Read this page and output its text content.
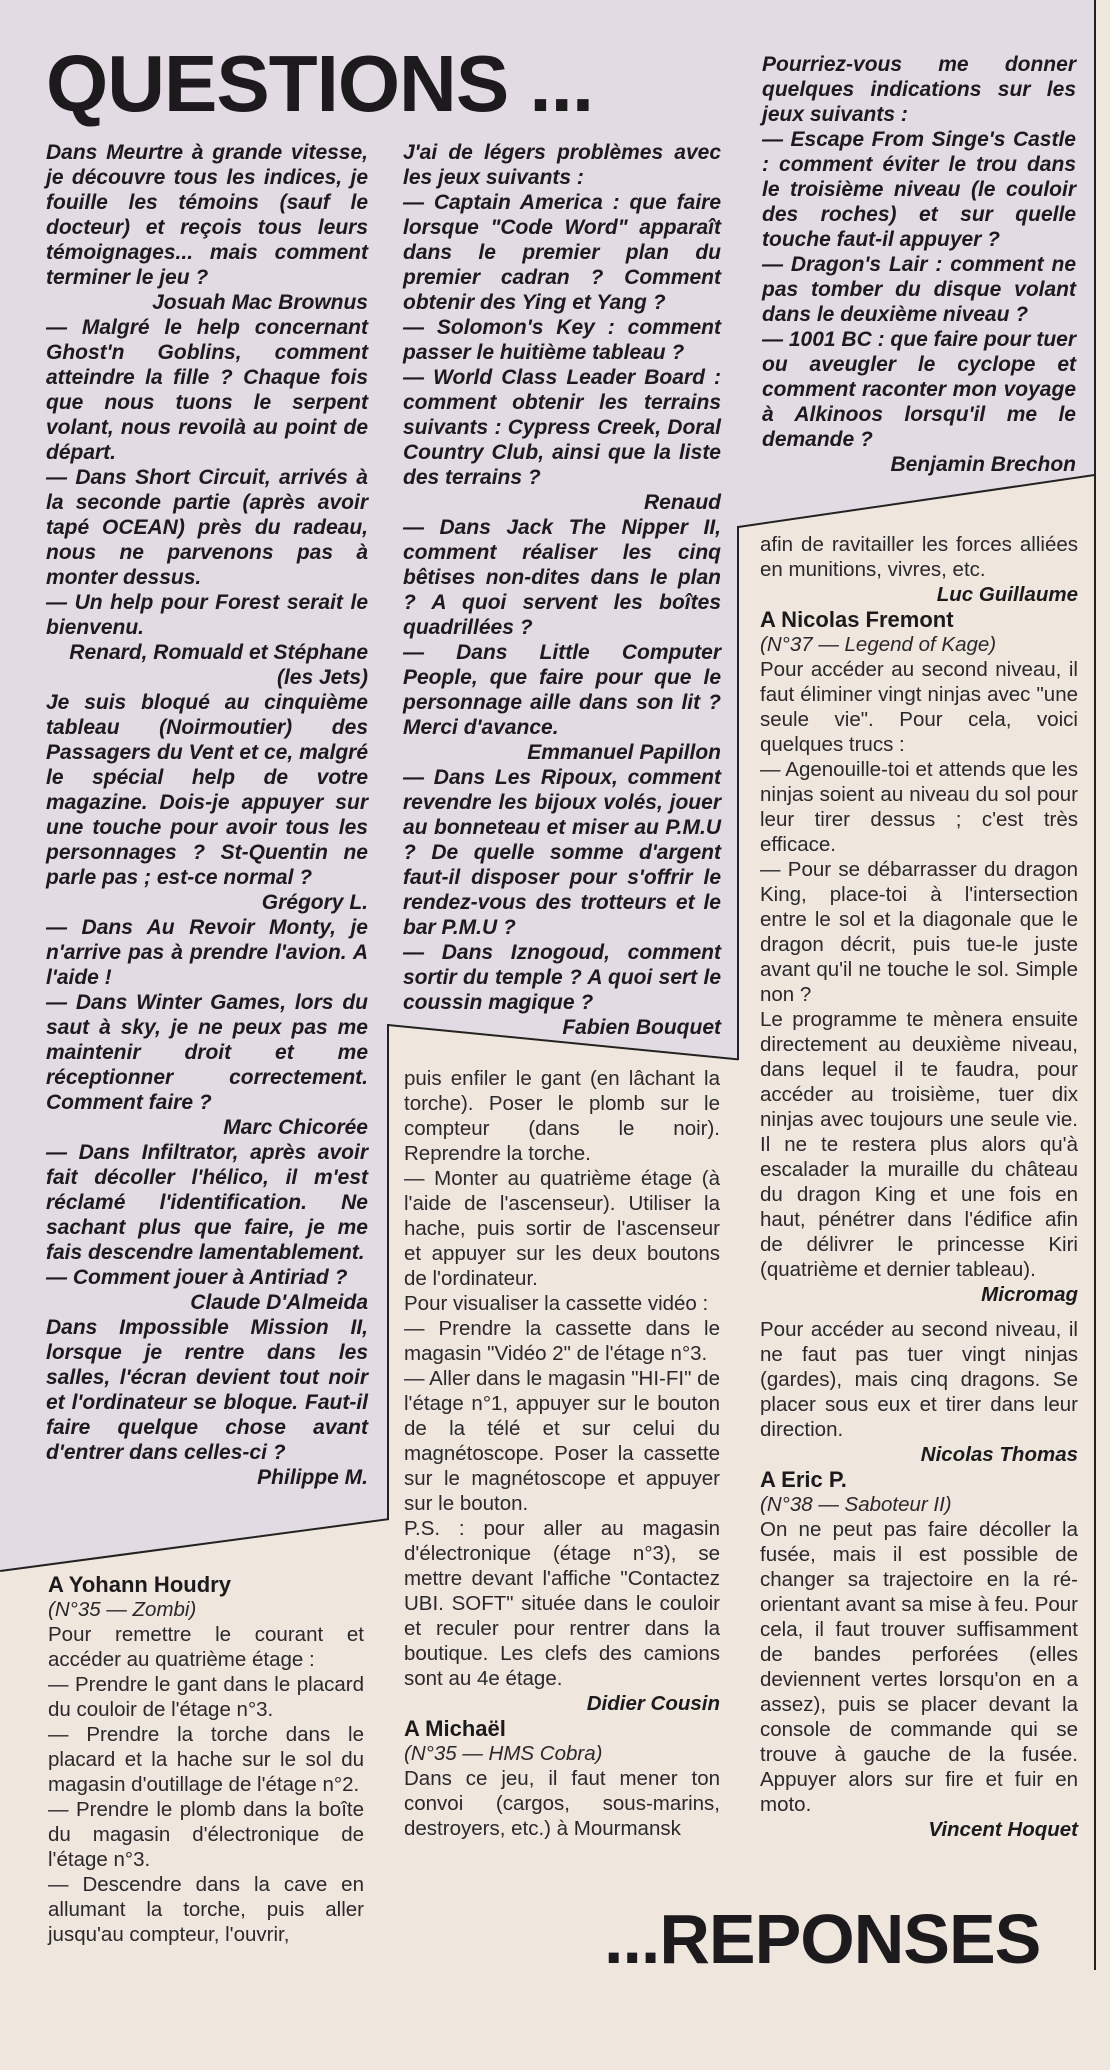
QUESTIONS ...
...REPONSES

Dans Meurtre à grande vitesse, je découvre tous les indices, je fouille les témoins (sauf le docteur) et reçois tous leurs témoignages... mais comment terminer le jeu ?

Josuah Mac Brownus

— Malgré le help concernant Ghost'n Goblins, comment atteindre la fille ? Chaque fois que nous tuons le serpent volant, nous revoilà au point de départ.

— Dans Short Circuit, arrivés à la seconde partie (après avoir tapé OCEAN) près du radeau, nous ne parvenons pas à monter dessus.

— Un help pour Forest serait le bienvenu.

Renard, Romuald et Stéphane (les Jets)

Je suis bloqué au cinquième tableau (Noirmoutier) des Passagers du Vent et ce, malgré le spécial help de votre magazine. Dois-je appuyer sur une touche pour avoir tous les personnages ? St-Quentin ne parle pas ; est-ce normal ?

Grégory L.

— Dans Au Revoir Monty, je n'arrive pas à prendre l'avion. A l'aide !

— Dans Winter Games, lors du saut à sky, je ne peux pas me maintenir droit et me réceptionner correctement. Comment faire ?

Marc Chicorée

— Dans Infiltrator, après avoir fait décoller l'hélico, il m'est réclamé l'identification. Ne sachant plus que faire, je me fais descendre lamentablement.

— Comment jouer à Antiriad ?

Claude D'Almeida

Dans Impossible Mission II, lorsque je rentre dans les salles, l'écran devient tout noir et l'ordinateur se bloque. Faut-il faire quelque chose avant d'entrer dans celles-ci ?

Philippe M.

J'ai de légers problèmes avec les jeux suivants :

— Captain America : que faire lorsque "Code Word" apparaît dans le premier plan du premier cadran ? Comment obtenir des Ying et Yang ?

— Solomon's Key : comment passer le huitième tableau ?

— World Class Leader Board : comment obtenir les terrains suivants : Cypress Creek, Doral Country Club, ainsi que la liste des terrains ?

Renaud

— Dans Jack The Nipper II, comment réaliser les cinq bêtises non-dites dans le plan ? A quoi servent les boîtes quadrillées ?

— Dans Little Computer People, que faire pour que le personnage aille dans son lit ? Merci d'avance.

Emmanuel Papillon

— Dans Les Ripoux, comment revendre les bijoux volés, jouer au bonneteau et miser au P.M.U ? De quelle somme d'argent faut-il disposer pour s'offrir le rendez-vous des trotteurs et le bar P.M.U ?

— Dans Iznogoud, comment sortir du temple ? A quoi sert le coussin magique ?

Fabien Bouquet

Pourriez-vous me donner quelques indications sur les jeux suivants :

— Escape From Singe's Castle : comment éviter le trou dans le troisième niveau (le couloir des roches) et sur quelle touche faut-il appuyer ?

— Dragon's Lair : comment ne pas tomber du disque volant dans le deuxième niveau ?

— 1001 BC : que faire pour tuer ou aveugler le cyclope et comment raconter mon voyage à Alkinoos lorsqu'il me le demande ?

Benjamin Brechon

A Yohann Houdry

(N°35 — Zombi)

Pour remettre le courant et accéder au quatrième étage :

— Prendre le gant dans le placard du couloir de l'étage n°3.

— Prendre la torche dans le placard et la hache sur le sol du magasin d'outillage de l'étage n°2.

— Prendre le plomb dans la boîte du magasin d'électronique de l'étage n°3.

— Descendre dans la cave en allumant la torche, puis aller jusqu'au compteur, l'ouvrir,

puis enfiler le gant (en lâchant la torche). Poser le plomb sur le compteur (dans le noir). Reprendre la torche.

— Monter au quatrième étage (à l'aide de l'ascenseur). Utiliser la hache, puis sortir de l'ascenseur et appuyer sur les deux boutons de l'ordinateur.

Pour visualiser la cassette vidéo :

— Prendre la cassette dans le magasin "Vidéo 2" de l'étage n°3.

— Aller dans le magasin "HI-FI" de l'étage n°1, appuyer sur le bouton de la télé et sur celui du magnétoscope. Poser la cassette sur le magnétoscope et appuyer sur le bouton.

P.S. : pour aller au magasin d'électronique (étage n°3), se mettre devant l'affiche "Contactez UBI. SOFT" située dans le couloir et reculer pour rentrer dans la boutique. Les clefs des camions sont au 4e étage.

Didier Cousin

A Michaël

(N°35 — HMS Cobra)

Dans ce jeu, il faut mener ton convoi (cargos, sous-marins, destroyers, etc.) à Mourmansk

afin de ravitailler les forces alliées en munitions, vivres, etc.

Luc Guillaume

A Nicolas Fremont

(N°37 — Legend of Kage)

Pour accéder au second niveau, il faut éliminer vingt ninjas avec "une seule vie". Pour cela, voici quelques trucs :

— Agenouille-toi et attends que les ninjas soient au niveau du sol pour leur tirer dessus ; c'est très efficace.

— Pour se débarrasser du dragon King, place-toi à l'intersection entre le sol et la diagonale que le dragon décrit, puis tue-le juste avant qu'il ne touche le sol. Simple non ?

Le programme te mènera ensuite directement au deuxième niveau, dans lequel il te faudra, pour accéder au troisième, tuer dix ninjas avec toujours une seule vie. Il ne te restera plus alors qu'à escalader la muraille du château du dragon King et une fois en haut, pénétrer dans l'édifice afin de délivrer le princesse Kiri (quatrième et dernier tableau).

Micromag

Pour accéder au second niveau, il ne faut pas tuer vingt ninjas (gardes), mais cinq dragons. Se placer sous eux et tirer dans leur direction.

Nicolas Thomas

A Eric P.

(N°38 — Saboteur II)

On ne peut pas faire décoller la fusée, mais il est possible de changer sa trajectoire en la ré-orientant avant sa mise à feu. Pour cela, il faut trouver suffisamment de bandes perforées (elles deviennent vertes lorsqu'on en a assez), puis se placer devant la console de commande qui se trouve à gauche de la fusée. Appuyer alors sur fire et fuir en moto.

Vincent Hoquet
